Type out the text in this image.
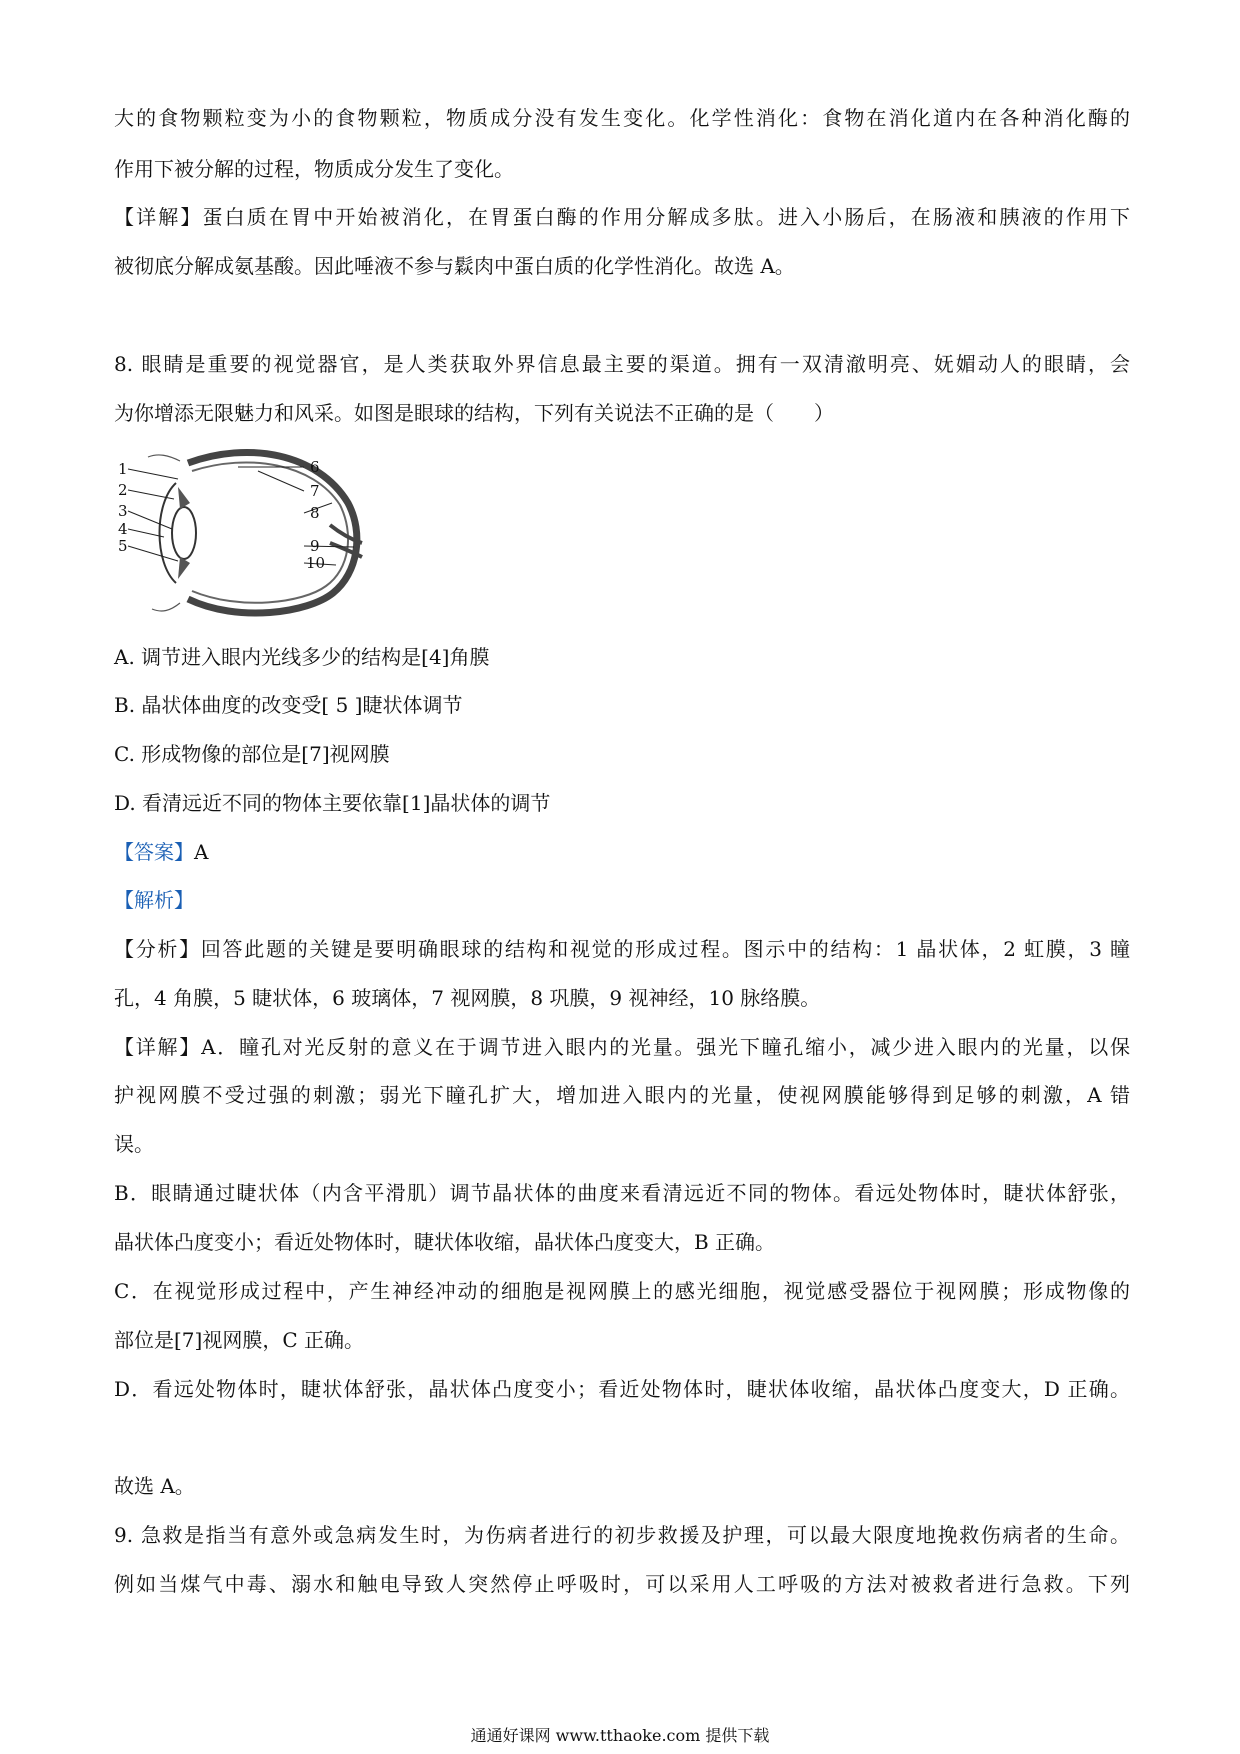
大的食物颗粒变为小的食物颗粒，物质成分没有发生变化。化学性消化：食物在消化道内在各种消化酶的
作用下被分解的过程，物质成分发生了变化。
【详解】蛋白质在胃中开始被消化，在胃蛋白酶的作用分解成多肽。进入小肠后，在肠液和胰液的作用下
被彻底分解成氨基酸。因此唾液不参与鬏肉中蛋白质的化学性消化。故选 A。
8. 眼睛是重要的视觉器官，是人类获取外界信息最主要的渠道。拥有一双清澈明亮、妩媚动人的眼睛，会
为你增添无限魅力和风采。如图是眼球的结构，下列有关说法不正确的是（　　）
1
2
3
4
5
6
7
8
9
10
A. 调节进入眼内光线多少的结构是[4]角膜
B. 晶状体曲度的改变受[ 5 ]睫状体调节
C. 形成物像的部位是[7]视网膜
D. 看清远近不同的物体主要依靠[1]晶状体的调节
【答案】A
【解析】
【分析】回答此题的关键是要明确眼球的结构和视觉的形成过程。图示中的结构：1 晶状体，2 虹膜，3 瞳
孔，4 角膜，5 睫状体，6 玻璃体，7 视网膜，8 巩膜，9 视神经，10 脉络膜。
【详解】A．瞳孔对光反射的意义在于调节进入眼内的光量。强光下瞳孔缩小，减少进入眼内的光量，以保
护视网膜不受过强的刺激；弱光下瞳孔扩大，增加进入眼内的光量，使视网膜能够得到足够的刺激，A 错
误。
B．眼睛通过睫状体（内含平滑肌）调节晶状体的曲度来看清远近不同的物体。看远处物体时，睫状体舒张，
晶状体凸度变小；看近处物体时，睫状体收缩，晶状体凸度变大，B 正确。
C．在视觉形成过程中，产生神经冲动的细胞是视网膜上的感光细胞，视觉感受器位于视网膜；形成物像的
部位是[7]视网膜，C 正确。
D．看远处物体时，睫状体舒张，晶状体凸度变小；看近处物体时，睫状体收缩，晶状体凸度变大，D 正确。
故选 A。
9. 急救是指当有意外或急病发生时，为伤病者进行的初步救援及护理，可以最大限度地挽救伤病者的生命。
例如当煤气中毒、溺水和触电导致人突然停止呼吸时，可以采用人工呼吸的方法对被救者进行急救。下列
通通好课网 www.tthaoke.com 提供下载
